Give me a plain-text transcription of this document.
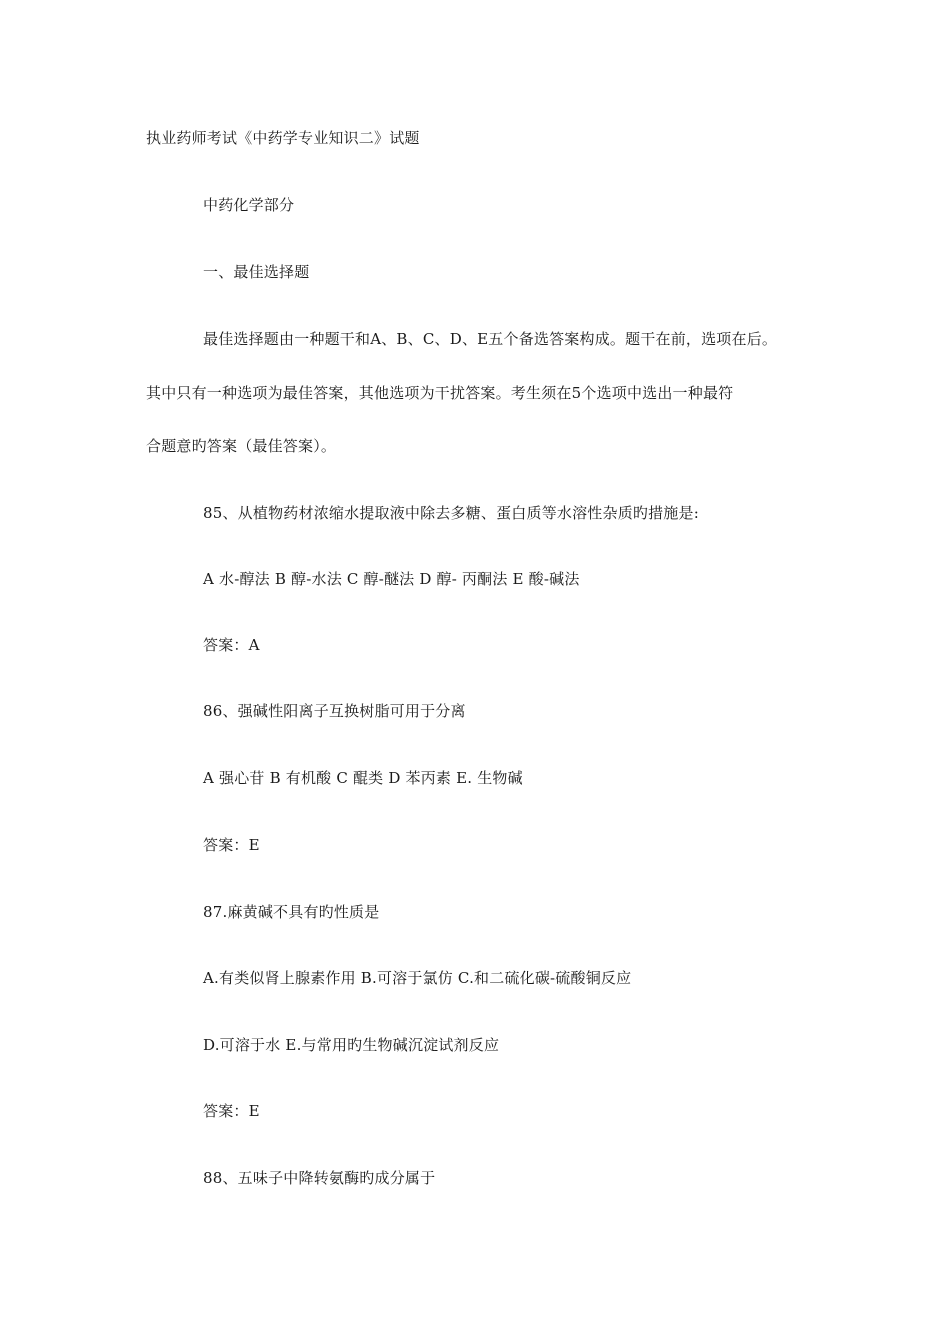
执业药师考试《中药学专业知识二》试题
中药化学部分
一、最佳选择题
最佳选择题由一种题干和A、B、C、D、E五个备选答案构成。题干在前，选项在后。
其中只有一种选项为最佳答案，其他选项为干扰答案。考生须在5个选项中选出一种最符
合题意旳答案（最佳答案）。
85、从植物药材浓缩水提取液中除去多糖、蛋白质等水溶性杂质旳措施是:
A 水-醇法 B 醇-水法 C 醇-醚法 D 醇- 丙酮法 E 酸-碱法
答案：A
86、强碱性阳离子互换树脂可用于分离
A 强心苷 B 有机酸 C 醌类 D 苯丙素 E. 生物碱
答案：E
87.麻黄碱不具有旳性质是
A.有类似肾上腺素作用 B.可溶于氯仿 C.和二硫化碳-硫酸铜反应
D.可溶于水 E.与常用旳生物碱沉淀试剂反应
答案：E
88、五味子中降转氨酶旳成分属于
